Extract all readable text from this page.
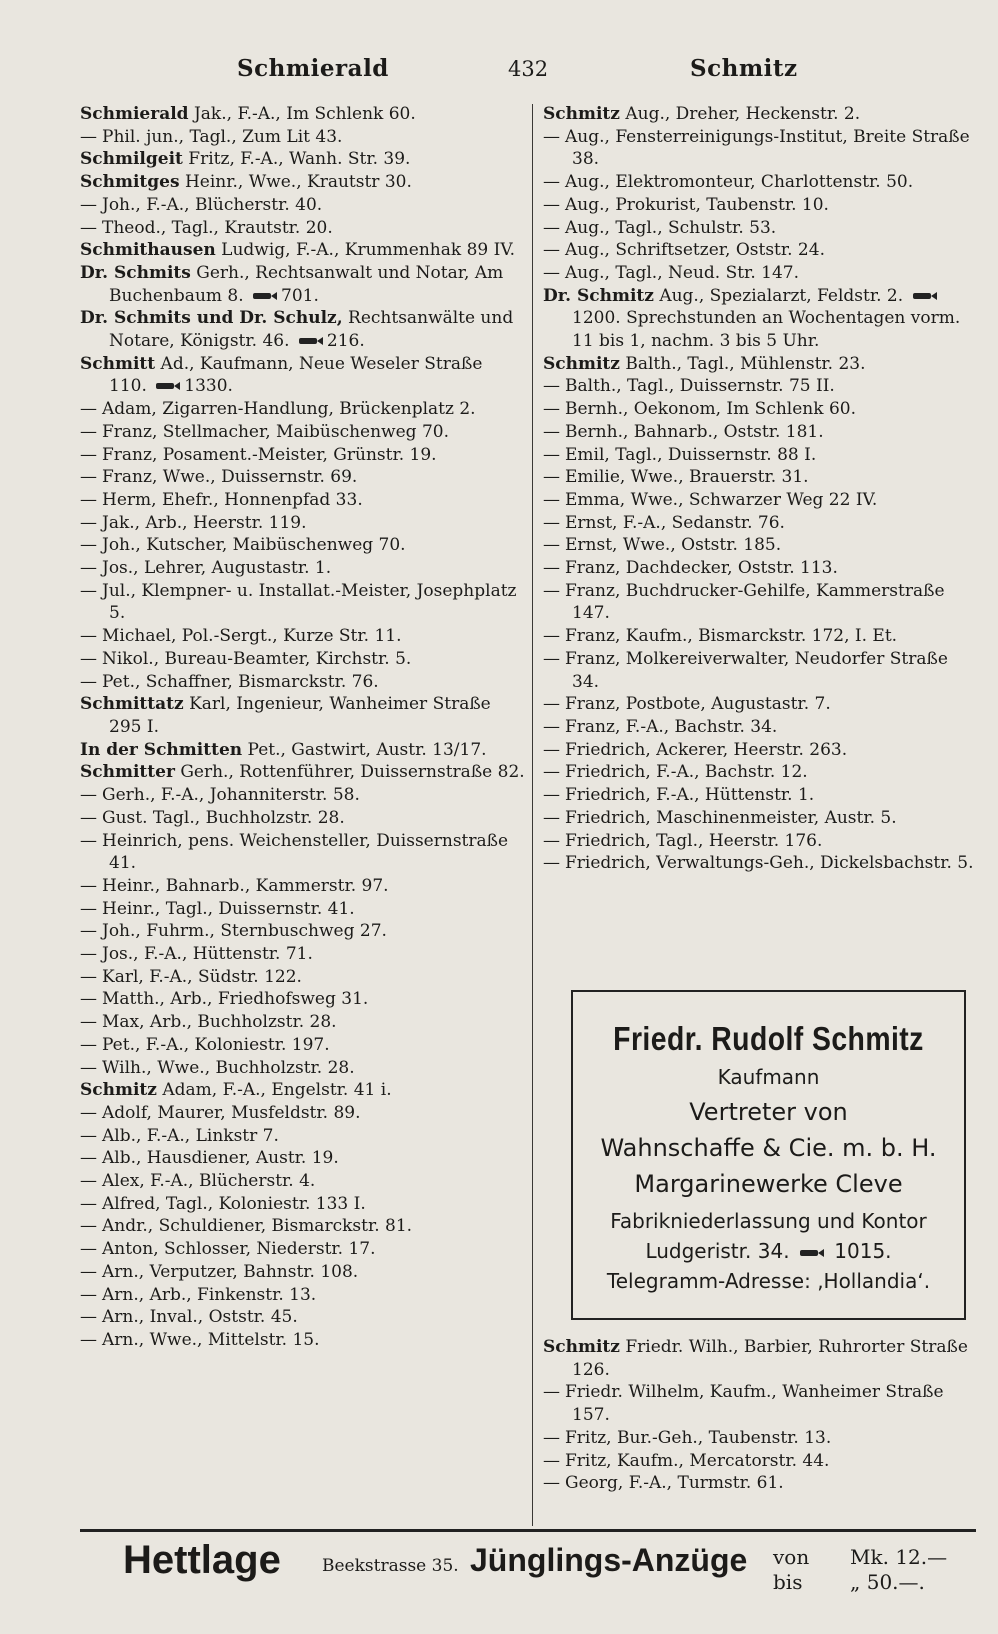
Schmierald	432	Schmitz
Schmierald Jak., F.-A., Im Schlenk 60.
— Phil. jun., Tagl., Zum Lit 43.
Schmilgeit Fritz, F.-A., Wanh. Str. 39.
Schmitges Heinr., Wwe., Krautstr 30.
— Joh., F.-A., Blücherstr. 40.
— Theod., Tagl., Krautstr. 20.
Schmithausen Ludwig, F.-A., Krummenhak 89 IV.
Dr. Schmits Gerh., Rechtsanwalt und Notar, Am Buchenbaum 8. 701.
Dr. Schmits und Dr. Schulz, Rechtsanwälte und Notare, Königstr. 46. 216.
Schmitt Ad., Kaufmann, Neue Weseler Straße 110. 1330.
— Adam, Zigarren-Handlung, Brückenplatz 2.
— Franz, Stellmacher, Maibüschenweg 70.
— Franz, Posament.-Meister, Grünstr. 19.
— Franz, Wwe., Duissernstr. 69.
— Herm, Ehefr., Honnenpfad 33.
— Jak., Arb., Heerstr. 119.
— Joh., Kutscher, Maibüschenweg 70.
— Jos., Lehrer, Augustastr. 1.
— Jul., Klempner- u. Installat.-Meister, Josephplatz 5.
— Michael, Pol.-Sergt., Kurze Str. 11.
— Nikol., Bureau-Beamter, Kirchstr. 5.
— Pet., Schaffner, Bismarckstr. 76.
Schmittatz Karl, Ingenieur, Wanheimer Straße 295 I.
In der Schmitten Pet., Gastwirt, Austr. 13/17.
Schmitter Gerh., Rottenführer, Duissernstraße 82.
— Gerh., F.-A., Johanniterstr. 58.
— Gust. Tagl., Buchholzstr. 28.
— Heinrich, pens. Weichensteller, Duissernstraße 41.
— Heinr., Bahnarb., Kammerstr. 97.
— Heinr., Tagl., Duissernstr. 41.
— Joh., Fuhrm., Sternbuschweg 27.
— Jos., F.-A., Hüttenstr. 71.
— Karl, F.-A., Südstr. 122.
— Matth., Arb., Friedhofsweg 31.
— Max, Arb., Buchholzstr. 28.
— Pet., F.-A., Koloniestr. 197.
— Wilh., Wwe., Buchholzstr. 28.
Schmitz Adam, F.-A., Engelstr. 41 i.
— Adolf, Maurer, Musfeldstr. 89.
— Alb., F.-A., Linkstr 7.
— Alb., Hausdiener, Austr. 19.
— Alex, F.-A., Blücherstr. 4.
— Alfred, Tagl., Koloniestr. 133 I.
— Andr., Schuldiener, Bismarckstr. 81.
— Anton, Schlosser, Niederstr. 17.
— Arn., Verputzer, Bahnstr. 108.
— Arn., Arb., Finkenstr. 13.
— Arn., Inval., Oststr. 45.
— Arn., Wwe., Mittelstr. 15.
Schmitz Aug., Dreher, Heckenstr. 2.
— Aug., Fensterreinigungs-Institut, Breite Straße 38.
— Aug., Elektromonteur, Charlottenstr. 50.
— Aug., Prokurist, Taubenstr. 10.
— Aug., Tagl., Schulstr. 53.
— Aug., Schriftsetzer, Oststr. 24.
— Aug., Tagl., Neud. Str. 147.
Dr. Schmitz Aug., Spezialarzt, Feldstr. 2. 1200. Sprechstunden an Wochentagen vorm. 11 bis 1, nachm. 3 bis 5 Uhr.
Schmitz Balth., Tagl., Mühlenstr. 23.
— Balth., Tagl., Duissernstr. 75 II.
— Bernh., Oekonom, Im Schlenk 60.
— Bernh., Bahnarb., Oststr. 181.
— Emil, Tagl., Duissernstr. 88 I.
— Emilie, Wwe., Brauerstr. 31.
— Emma, Wwe., Schwarzer Weg 22 IV.
— Ernst, F.-A., Sedanstr. 76.
— Ernst, Wwe., Oststr. 185.
— Franz, Dachdecker, Oststr. 113.
— Franz, Buchdrucker-Gehilfe, Kammerstraße 147.
— Franz, Kaufm., Bismarckstr. 172, I. Et.
— Franz, Molkereiverwalter, Neudorfer Straße 34.
— Franz, Postbote, Augustastr. 7.
— Franz, F.-A., Bachstr. 34.
— Friedrich, Ackerer, Heerstr. 263.
— Friedrich, F.-A., Bachstr. 12.
— Friedrich, F.-A., Hüttenstr. 1.
— Friedrich, Maschinenmeister, Austr. 5.
— Friedrich, Tagl., Heerstr. 176.
— Friedrich, Verwaltungs-Geh., Dickelsbachstr. 5.
Friedr. Rudolf Schmitz
Kaufmann
Vertreter von
Wahnschaffe & Cie. m. b. H.
Margarinewerke Cleve
Fabrikniederlassung und Kontor
Ludgeristr. 34. 1015.
Telegramm-Adresse: ‚Hollandia‘.
Schmitz Friedr. Wilh., Barbier, Ruhrorter Straße 126.
— Friedr. Wilhelm, Kaufm., Wanheimer Straße 157.
— Fritz, Bur.-Geh., Taubenstr. 13.
— Fritz, Kaufm., Mercatorstr. 44.
— Georg, F.-A., Turmstr. 61.
Hettlage Beekstrasse 35. Jünglings-Anzüge von
bis
Mk. 12.—
„ 50.—.
